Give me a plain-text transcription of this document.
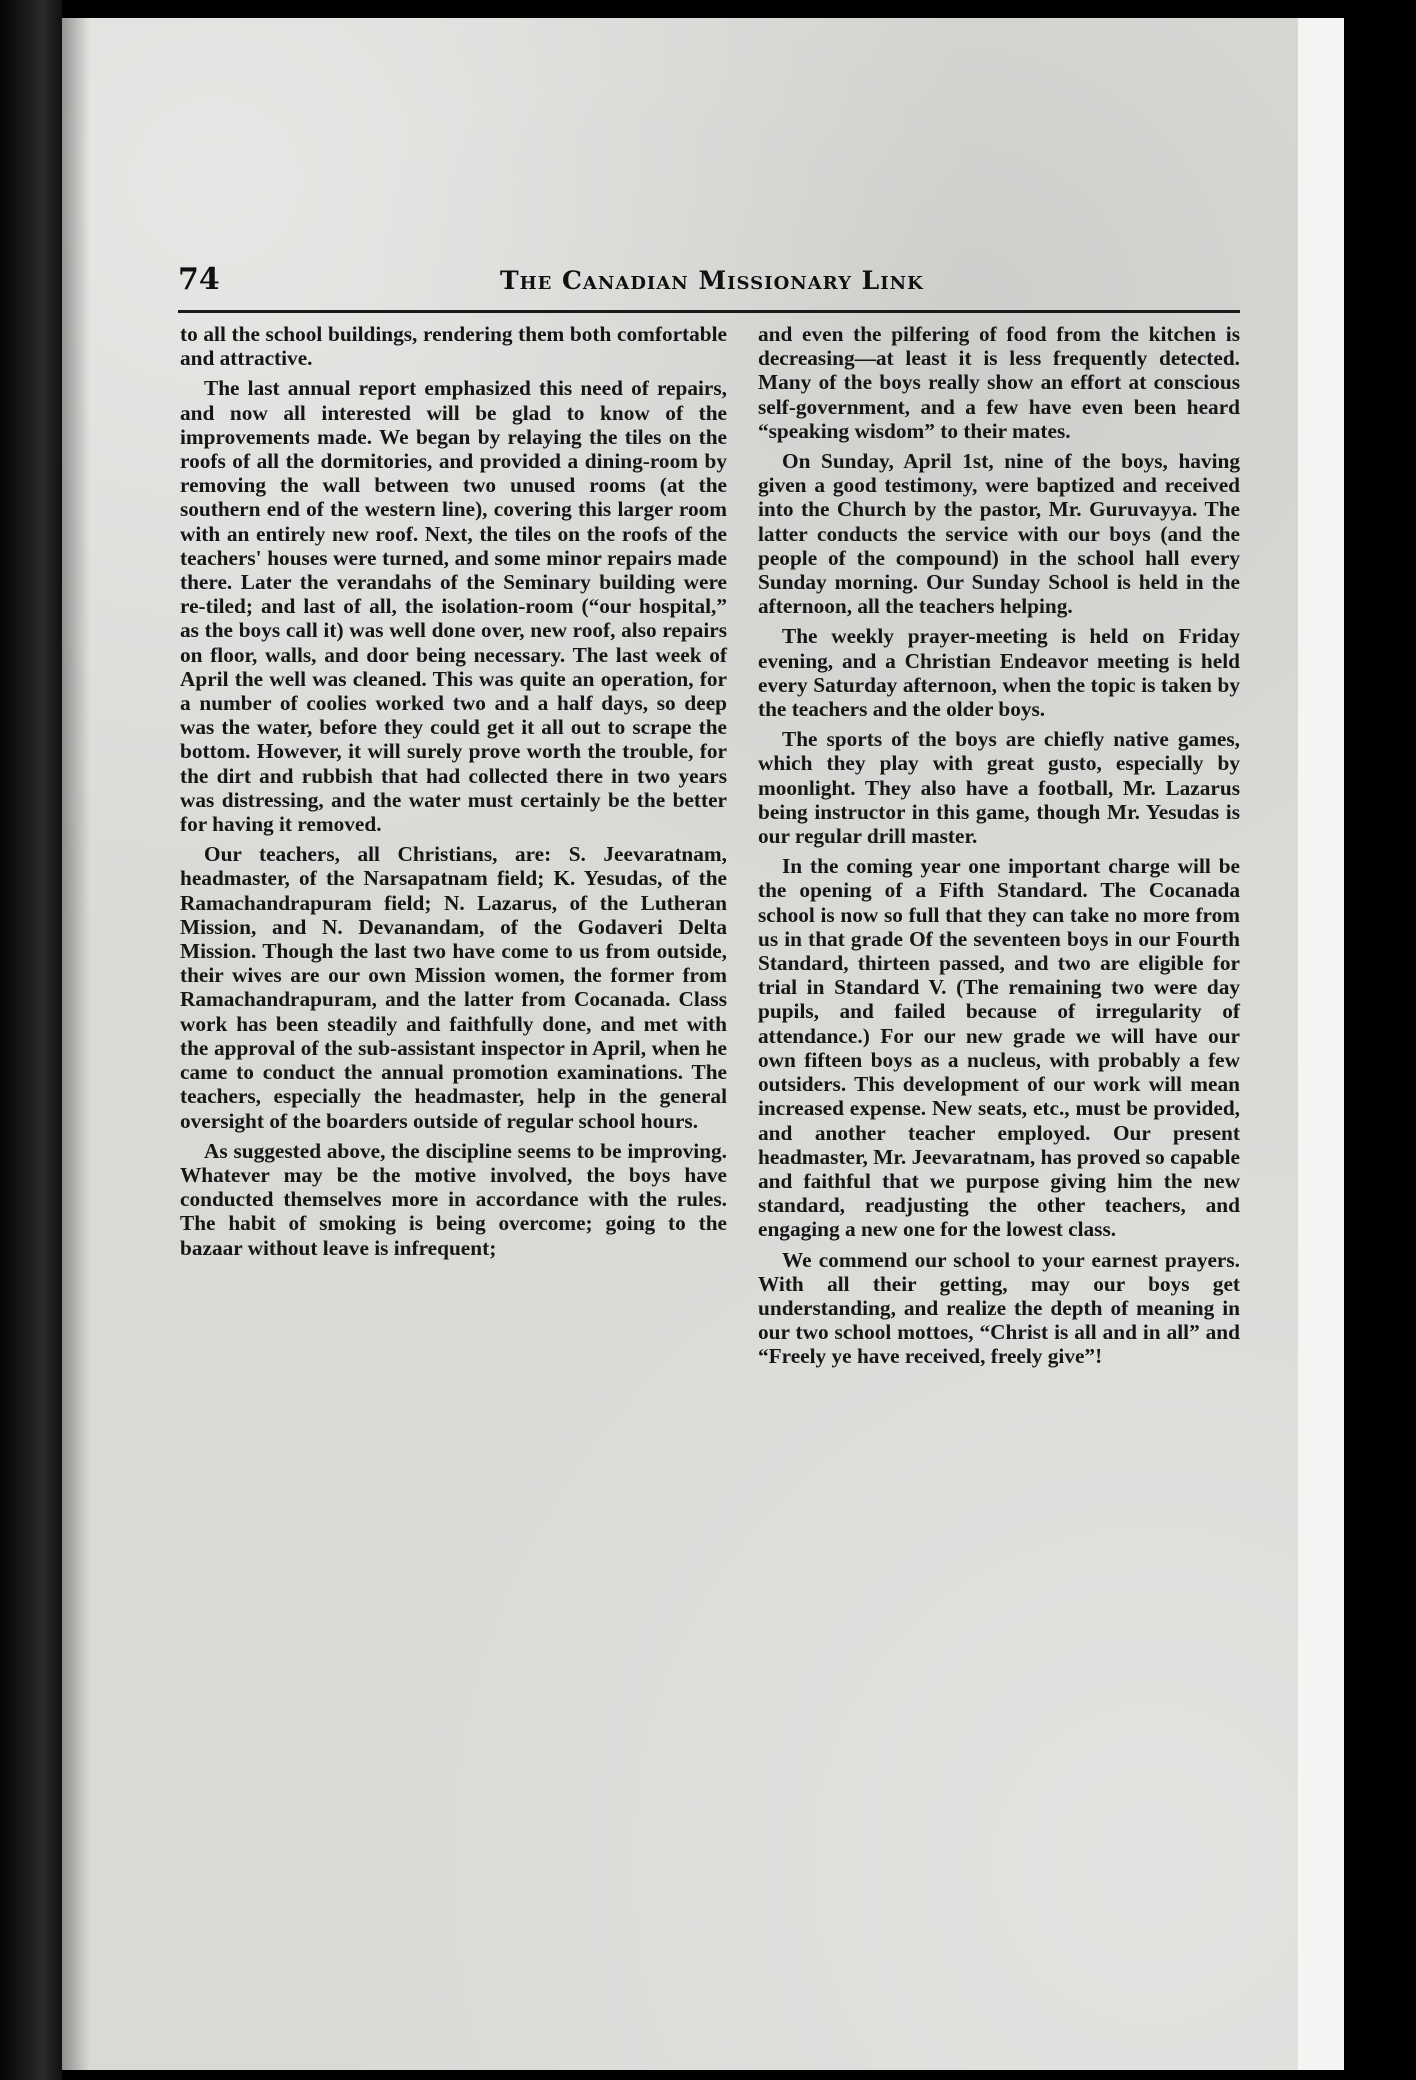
74	The Canadian Missionary Link

to all the school buildings, rendering them both comfortable and attractive.

The last annual report emphasized this need of repairs, and now all interested will be glad to know of the improvements made. We began by relaying the tiles on the roofs of all the dormitories, and provided a dining-room by removing the wall between two unused rooms (at the southern end of the western line), covering this larger room with an entirely new roof. Next, the tiles on the roofs of the teachers' houses were turned, and some minor repairs made there. Later the verandahs of the Seminary building were re-tiled; and last of all, the isolation-room (“our hospital,” as the boys call it) was well done over, new roof, also repairs on floor, walls, and door being necessary. The last week of April the well was cleaned. This was quite an operation, for a number of coolies worked two and a half days, so deep was the water, before they could get it all out to scrape the bottom. However, it will surely prove worth the trouble, for the dirt and rubbish that had collected there in two years was distressing, and the water must certainly be the better for having it removed.

Our teachers, all Christians, are: S. Jeevaratnam, headmaster, of the Narsapatnam field; K. Yesudas, of the Ramachandrapuram field; N. Lazarus, of the Lutheran Mission, and N. Devanandam, of the Godaveri Delta Mission. Though the last two have come to us from outside, their wives are our own Mission women, the former from Ramachandrapuram, and the latter from Cocanada. Class work has been steadily and faithfully done, and met with the approval of the sub-assistant inspector in April, when he came to conduct the annual promotion examinations. The teachers, especially the headmaster, help in the general oversight of the boarders outside of regular school hours.

As suggested above, the discipline seems to be improving. Whatever may be the motive involved, the boys have conducted themselves more in accordance with the rules. The habit of smoking is being overcome; going to the bazaar without leave is infrequent;

and even the pilfering of food from the kitchen is decreasing—at least it is less frequently detected. Many of the boys really show an effort at conscious self-government, and a few have even been heard “speaking wisdom” to their mates.

On Sunday, April 1st, nine of the boys, having given a good testimony, were baptized and received into the Church by the pastor, Mr. Guruvayya. The latter conducts the service with our boys (and the people of the compound) in the school hall every Sunday morning. Our Sunday School is held in the afternoon, all the teachers helping.

The weekly prayer-meeting is held on Friday evening, and a Christian Endeavor meeting is held every Saturday afternoon, when the topic is taken by the teachers and the older boys.

The sports of the boys are chiefly native games, which they play with great gusto, especially by moonlight. They also have a football, Mr. Lazarus being instructor in this game, though Mr. Yesudas is our regular drill master.

In the coming year one important charge will be the opening of a Fifth Standard. The Cocanada school is now so full that they can take no more from us in that grade Of the seventeen boys in our Fourth Standard, thirteen passed, and two are eligible for trial in Standard V. (The remaining two were day pupils, and failed because of irregularity of attendance.) For our new grade we will have our own fifteen boys as a nucleus, with probably a few outsiders. This development of our work will mean increased expense. New seats, etc., must be provided, and another teacher employed. Our present headmaster, Mr. Jeevaratnam, has proved so capable and faithful that we purpose giving him the new standard, readjusting the other teachers, and engaging a new one for the lowest class.

We commend our school to your earnest prayers. With all their getting, may our boys get understanding, and realize the depth of meaning in our two school mottoes, “Christ is all and in all” and “Freely ye have received, freely give”!
